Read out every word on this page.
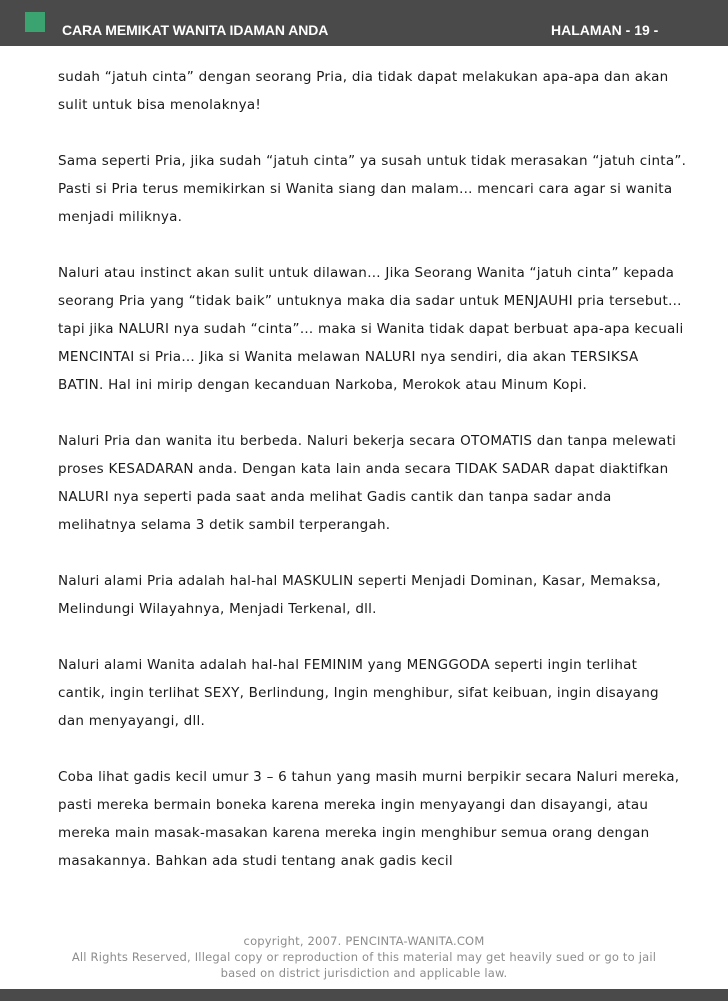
CARA MEMIKAT WANITA IDAMAN ANDA	HALAMAN - 19 -

sudah “jatuh cinta” dengan seorang Pria, dia tidak dapat melakukan apa-apa dan akan sulit untuk bisa menolaknya!

Sama seperti Pria, jika sudah “jatuh cinta” ya susah untuk tidak merasakan “jatuh cinta”. Pasti si Pria terus memikirkan si Wanita siang dan malam… mencari cara agar si wanita menjadi miliknya.

Naluri atau instinct akan sulit untuk dilawan… Jika Seorang Wanita “jatuh cinta” kepada seorang Pria yang “tidak baik” untuknya maka dia sadar untuk MENJAUHI pria tersebut… tapi jika NALURI nya sudah “cinta”… maka si Wanita tidak dapat berbuat apa-apa kecuali MENCINTAI si Pria… Jika si Wanita melawan NALURI nya sendiri, dia akan TERSIKSA BATIN. Hal ini mirip dengan kecanduan Narkoba, Merokok atau Minum Kopi.

Naluri Pria dan wanita itu berbeda. Naluri bekerja secara OTOMATIS dan tanpa melewati proses KESADARAN anda. Dengan kata lain anda secara TIDAK SADAR dapat diaktifkan NALURI nya seperti pada saat anda melihat Gadis cantik dan tanpa sadar anda melihatnya selama 3 detik sambil terperangah.

Naluri alami Pria adalah hal-hal MASKULIN seperti Menjadi Dominan, Kasar, Memaksa, Melindungi Wilayahnya, Menjadi Terkenal, dll.

Naluri alami Wanita adalah hal-hal FEMINIM yang MENGGODA seperti ingin terlihat cantik, ingin terlihat SEXY, Berlindung, Ingin menghibur, sifat keibuan, ingin disayang dan menyayangi, dll.

Coba lihat gadis kecil umur 3 – 6 tahun yang masih murni berpikir secara Naluri mereka, pasti mereka bermain boneka karena mereka ingin menyayangi dan disayangi, atau mereka main masak-masakan karena mereka ingin menghibur semua orang dengan masakannya. Bahkan ada studi tentang anak gadis kecil

copyright, 2007. PENCINTA-WANITA.COM
All Rights Reserved, Illegal copy or reproduction of this material may get heavily sued or go to jail
based on district jurisdiction and applicable law.
